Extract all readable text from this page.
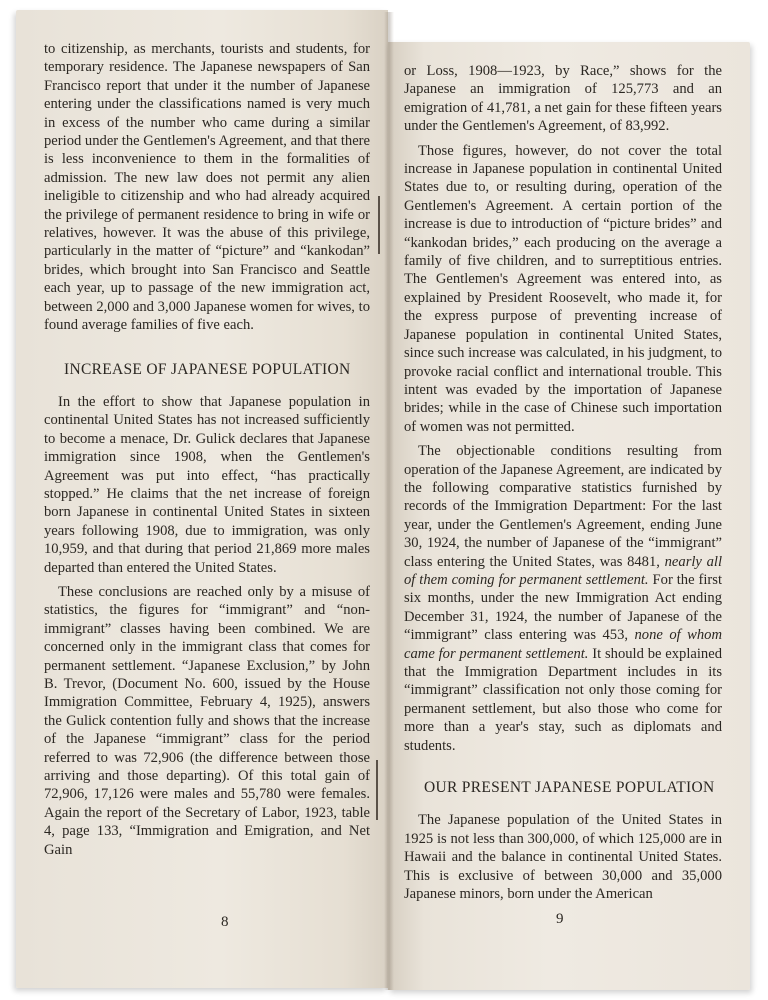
to citizenship, as merchants, tourists and students, for temporary residence. The Japanese newspapers of San Francisco report that under it the number of Japanese entering under the classifications named is very much in excess of the number who came during a similar period under the Gentlemen's Agreement, and that there is less inconvenience to them in the formalities of admission. The new law does not permit any alien ineligible to citizenship and who had already acquired the privilege of permanent residence to bring in wife or relatives, however. It was the abuse of this privilege, particularly in the matter of “picture” and “kankodan” brides, which brought into San Francisco and Seattle each year, up to passage of the new immigration act, between 2,000 and 3,000 Japanese women for wives, to found average families of five each.

INCREASE OF JAPANESE POPULATION

In the effort to show that Japanese population in continental United States has not increased sufficiently to become a menace, Dr. Gulick declares that Japanese immigration since 1908, when the Gentlemen's Agreement was put into effect, “has practically stopped.” He claims that the net increase of foreign born Japanese in continental United States in sixteen years following 1908, due to immigration, was only 10,959, and that during that period 21,869 more males departed than entered the United States.

These conclusions are reached only by a misuse of statistics, the figures for “immigrant” and “non-immigrant” classes having been combined. We are concerned only in the immigrant class that comes for permanent settlement. “Japanese Exclusion,” by John B. Trevor, (Document No. 600, issued by the House Immigration Committee, February 4, 1925), answers the Gulick contention fully and shows that the increase of the Japanese “immigrant” class for the period referred to was 72,906 (the difference between those arriving and those departing). Of this total gain of 72,906, 17,126 were males and 55,780 were females. Again the report of the Secretary of Labor, 1923, table 4, page 133, “Immigration and Emigration, and Net Gain

8

or Loss, 1908—1923, by Race,” shows for the Japanese an immigration of 125,773 and an emigration of 41,781, a net gain for these fifteen years under the Gentlemen's Agreement, of 83,992.

Those figures, however, do not cover the total increase in Japanese population in continental United States due to, or resulting during, operation of the Gentlemen's Agreement. A certain portion of the increase is due to introduction of “picture brides” and “kankodan brides,” each producing on the average a family of five children, and to surreptitious entries. The Gentlemen's Agreement was entered into, as explained by President Roosevelt, who made it, for the express purpose of preventing increase of Japanese population in continental United States, since such increase was calculated, in his judgment, to provoke racial conflict and international trouble. This intent was evaded by the importation of Japanese brides; while in the case of Chinese such importation of women was not permitted.

The objectionable conditions resulting from operation of the Japanese Agreement, are indicated by the following comparative statistics furnished by records of the Immigration Department: For the last year, under the Gentlemen's Agreement, ending June 30, 1924, the number of Japanese of the “immigrant” class entering the United States, was 8481, nearly all of them coming for permanent settlement. For the first six months, under the new Immigration Act ending December 31, 1924, the number of Japanese of the “immigrant” class entering was 453, none of whom came for permanent settlement. It should be explained that the Immigration Department includes in its “immigrant” classification not only those coming for permanent settlement, but also those who come for more than a year's stay, such as diplomats and students.

OUR PRESENT JAPANESE POPULATION

The Japanese population of the United States in 1925 is not less than 300,000, of which 125,000 are in Hawaii and the balance in continental United States. This is exclusive of between 30,000 and 35,000 Japanese minors, born under the American

9
